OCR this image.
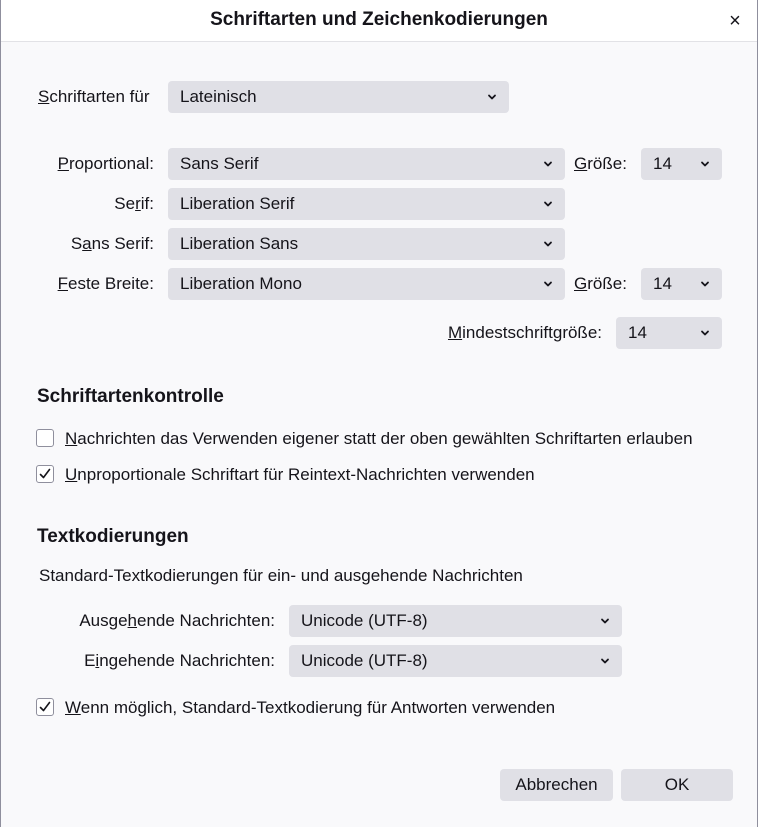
Schriftarten und Zeichenkodierungen	×
Schriftarten für	Lateinisch
Proportional:	Sans Serif	Größe:	14
Serif:	Liberation Serif
Sans Serif:	Liberation Sans
Feste Breite:	Liberation Mono	Größe:	14
Mindestschriftgröße:	14
Schriftartenkontrolle
Nachrichten das Verwenden eigener statt der oben gewählten Schriftarten erlauben
Unproportionale Schriftart für Reintext-Nachrichten verwenden
Textkodierungen
Standard-Textkodierungen für ein- und ausgehende Nachrichten
Ausgehende Nachrichten:	Unicode (UTF-8)
Eingehende Nachrichten:	Unicode (UTF-8)
Wenn möglich, Standard-Textkodierung für Antworten verwenden
Abbrechen	OK
